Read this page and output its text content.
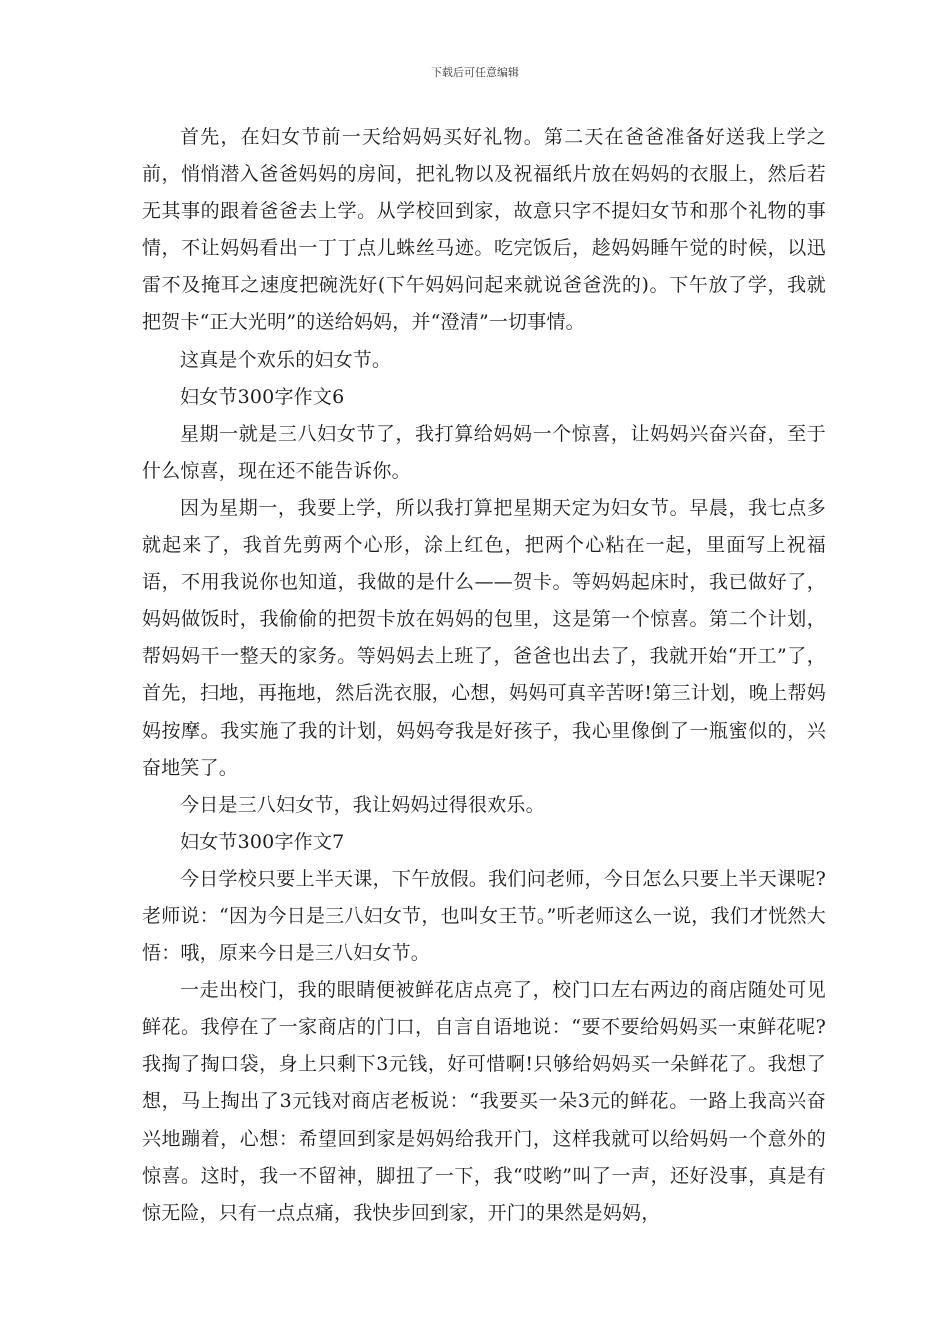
下载后可任意编辑

首先，在妇女节前一天给妈妈买好礼物。第二天在爸爸准备好送我上学之前，悄悄潜入爸爸妈妈的房间，把礼物以及祝福纸片放在妈妈的衣服上，然后若无其事的跟着爸爸去上学。从学校回到家，故意只字不提妇女节和那个礼物的事情，不让妈妈看出一丁丁点儿蛛丝马迹。吃完饭后，趁妈妈睡午觉的时候，以迅雷不及掩耳之速度把碗洗好(下午妈妈问起来就说爸爸洗的)。下午放了学，我就把贺卡“正大光明”的送给妈妈，并“澄清”一切事情。

这真是个欢乐的妇女节。

妇女节300字作文6

星期一就是三八妇女节了，我打算给妈妈一个惊喜，让妈妈兴奋兴奋，至于什么惊喜，现在还不能告诉你。

因为星期一，我要上学，所以我打算把星期天定为妇女节。早晨，我七点多就起来了，我首先剪两个心形，涂上红色，把两个心粘在一起，里面写上祝福语，不用我说你也知道，我做的是什么——贺卡。等妈妈起床时，我已做好了，妈妈做饭时，我偷偷的把贺卡放在妈妈的包里，这是第一个惊喜。第二个计划，帮妈妈干一整天的家务。等妈妈去上班了，爸爸也出去了，我就开始“开工”了，首先，扫地，再拖地，然后洗衣服，心想，妈妈可真辛苦呀!第三计划，晚上帮妈妈按摩。我实施了我的计划，妈妈夸我是好孩子，我心里像倒了一瓶蜜似的，兴奋地笑了。

今日是三八妇女节，我让妈妈过得很欢乐。

妇女节300字作文7

今日学校只要上半天课，下午放假。我们问老师，今日怎么只要上半天课呢?老师说：“因为今日是三八妇女节，也叫女王节。”听老师这么一说，我们才恍然大悟：哦，原来今日是三八妇女节。

一走出校门，我的眼睛便被鲜花店点亮了，校门口左右两边的商店随处可见鲜花。我停在了一家商店的门口，自言自语地说：“要不要给妈妈买一束鲜花呢?我掏了掏口袋，身上只剩下3元钱，好可惜啊!只够给妈妈买一朵鲜花了。我想了想，马上掏出了3元钱对商店老板说：“我要买一朵3元的鲜花。一路上我高兴奋兴地蹦着，心想：希望回到家是妈妈给我开门，这样我就可以给妈妈一个意外的惊喜。这时，我一不留神，脚扭了一下，我“哎哟”叫了一声，还好没事，真是有惊无险，只有一点点痛，我快步回到家，开门的果然是妈妈，
